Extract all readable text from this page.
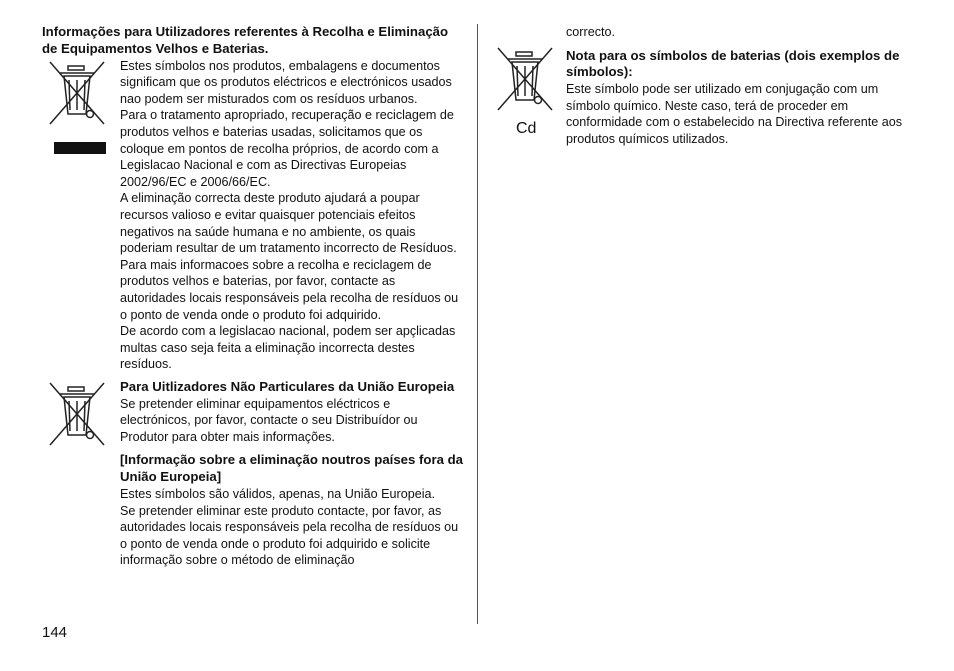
Informações para Utilizadores referentes à Recolha e Eliminação de Equipamentos Velhos e Baterias.

Estes símbolos nos produtos, embalagens e documentos significam que os produtos eléctricos e electrónicos usados nao podem ser misturados com os resíduos urbanos.

Para o tratamento apropriado, recuperação e reciclagem de produtos velhos e baterias usadas, solicitamos que os coloque em pontos de recolha próprios, de acordo com a Legislacao Nacional e com as Directivas Europeias 2002/96/EC e 2006/66/EC.

A eliminação correcta deste produto ajudará a poupar recursos valioso e evitar quaisquer potenciais efeitos negativos na saúde humana e no ambiente, os quais poderiam resultar de um tratamento incorrecto de Resíduos.

Para mais informacoes sobre a recolha e reciclagem de produtos velhos e baterias, por favor, contacte as autoridades locais responsáveis pela recolha de resíduos ou o ponto de venda onde o produto foi adquirido.

De acordo com a legislacao nacional, podem ser apçlicadas multas caso seja feita a eliminação incorrecta destes resíduos.

Para Uitlizadores Não Particulares da União Europeia

Se pretender eliminar equipamentos eléctricos e electrónicos, por favor, contacte o seu Distribuídor ou Produtor para obter mais informações.

[Informação sobre a eliminação noutros países fora da União Europeia]

Estes símbolos são válidos, apenas, na União Europeia.

Se pretender eliminar este produto contacte, por favor, as autoridades locais responsáveis pela recolha de resíduos ou o ponto de venda onde o produto foi adquirido e solicite informação sobre o método de eliminação

Cd

correcto.

Nota para os símbolos de baterias (dois exemplos de símbolos):

Este símbolo pode ser utilizado em conjugação com um símbolo químico. Neste caso, terá de proceder em conformidade com o estabelecido na Directiva referente aos produtos químicos utilizados.

144
